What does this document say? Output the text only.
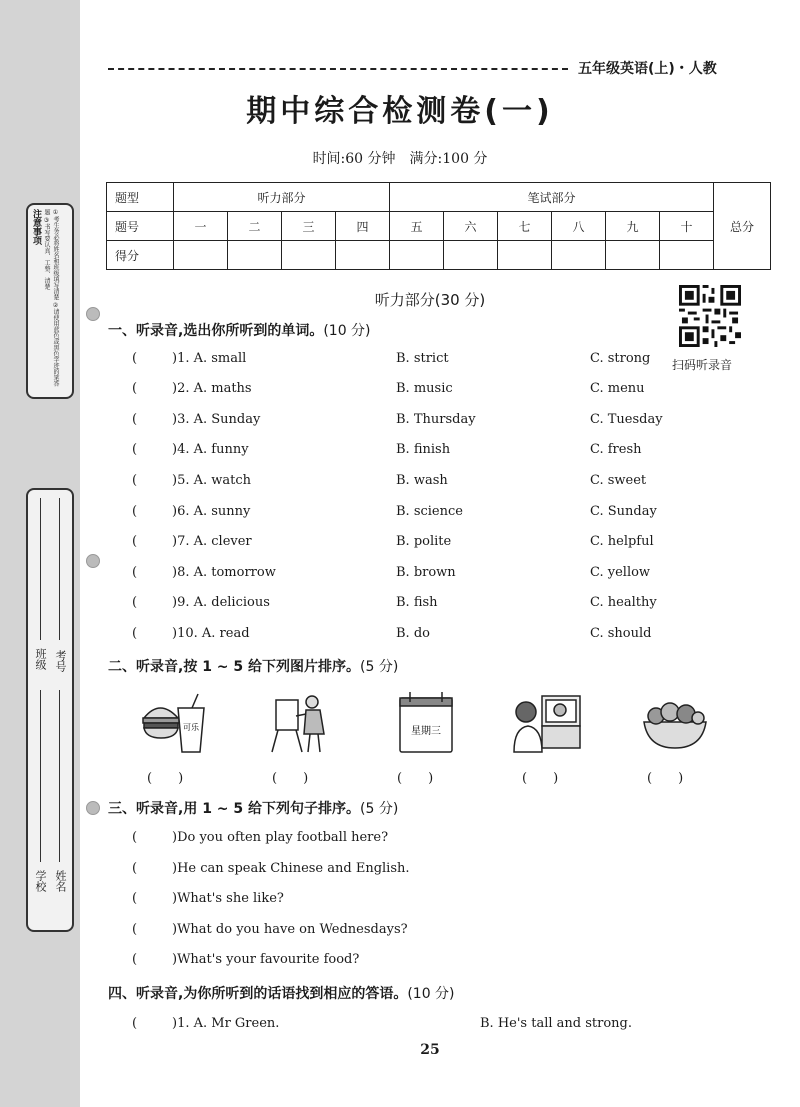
注意事项	①考生务必将姓名和班级填写清楚 ②请使用蓝色或黑色字迹的笔答题 ③书写要认真、工整、清楚
班级 考号
学校 姓名
五年级英语(上)・人教
期中综合检测卷(一)
时间:60 分钟　满分:100 分
题型	听力部分				笔试部分						总分
题号	一	二	三	四	五	六	七	八	九	十	
得分											
扫码听录音
听力部分(30 分)
一、听录音,选出你所听到的单词。(10 分)
(	)1. A. small	B. strict	C. strong
(	)2. A. maths	B. music	C. menu
(	)3. A. Sunday	B. Thursday	C. Tuesday
(	)4. A. funny	B. finish	C. fresh
(	)5. A. watch	B. wash	C. sweet
(	)6. A. sunny	B. science	C. Sunday
(	)7. A. clever	B. polite	C. helpful
(	)8. A. tomorrow	B. brown	C. yellow
(	)9. A. delicious	B. fish	C. healthy
(	)10. A. read	B. do	C. should
二、听录音,按 1 ~ 5 给下列图片排序。(5 分)
可乐	星期三
(　　)	(　　)	(　　)	(　　)	(　　)
三、听录音,用 1 ~ 5 给下列句子排序。(5 分)
(	)Do you often play football here?
(	)He can speak Chinese and English.
(	)What's she like?
(	)What do you have on Wednesdays?
(	)What's your favourite food?
四、听录音,为你所听到的话语找到相应的答语。(10 分)
(	)1. A. Mr Green.	B. He's tall and strong.
25
